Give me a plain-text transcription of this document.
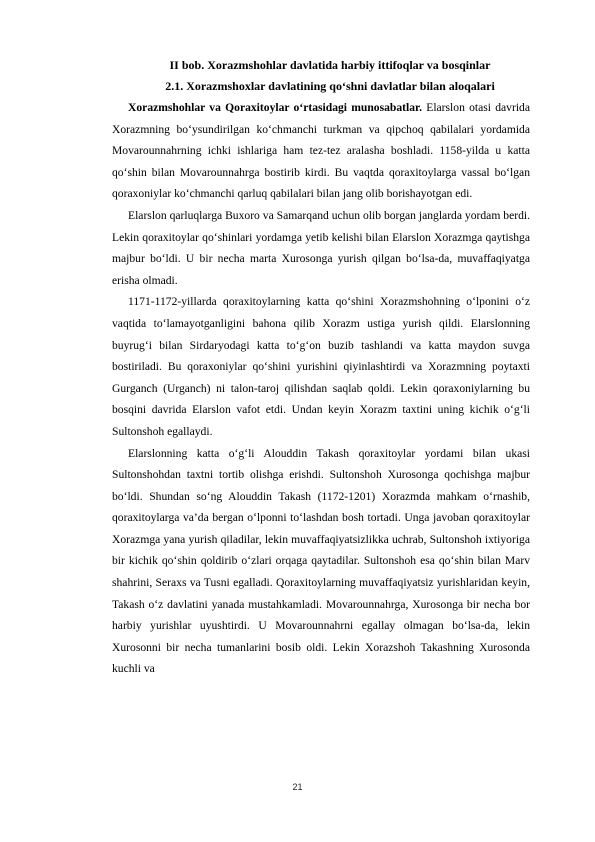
II bob. Xorazmshohlar davlatida harbiy ittifoqlar va bosqinlar
2.1. Xorazmshoxlar davlatining qo‘shni davlatlar bilan aloqalari

Xorazmshohlar va Qoraxitoylar o‘rtasidagi munosabatlar. Elarslon otasi davrida Xorazmning bo‘ysundirilgan ko‘chmanchi turkman va qipchoq qabilalari yordamida Movarounnahrning ichki ishlariga ham tez-tez aralasha boshladi. 1158-yilda u katta qo‘shin bilan Movarounnahrga bostirib kirdi. Bu vaqtda qoraxitoylarga vassal bo‘lgan qoraxoniylar ko‘chmanchi qarluq qabilalari bilan jang olib borishayotgan edi.

Elarslon qarluqlarga Buxoro va Samarqand uchun olib borgan janglarda yordam berdi. Lekin qoraxitoylar qo‘shinlari yordamga yetib kelishi bilan Elarslon Xorazmga qaytishga majbur bo‘ldi. U bir necha marta Xurosonga yurish qilgan bo‘lsa-da, muvaffaqiyatga erisha olmadi.

1171-1172-yillarda qoraxitoylarning katta qo‘shini Xorazmshohning o‘lponini o‘z vaqtida to‘lamayotganligini bahona qilib Xorazm ustiga yurish qildi. Elarslonning buyrug‘i bilan Sirdaryodagi katta to‘g‘on buzib tashlandi va katta maydon suvga bostiriladi. Bu qoraxoniylar qo‘shini yurishini qiyinlashtirdi va Xorazmning poytaxti Gurganch (Urganch) ni talon-taroj qilishdan saqlab qoldi. Lekin qoraxoniylarning bu bosqini davrida Elarslon vafot etdi. Undan keyin Xorazm taxtini uning kichik o‘g‘li Sultonshoh egallaydi.

Elarslonning katta o‘g‘li Alouddin Takash qoraxitoylar yordami bilan ukasi Sultonshohdan taxtni tortib olishga erishdi. Sultonshoh Xurosonga qochishga majbur bo‘ldi. Shundan so‘ng Alouddin Takash (1172-1201) Xorazmda mahkam o‘rnashib, qoraxitoylarga va’da bergan o‘lponni to‘lashdan bosh tortadi. Unga javoban qoraxitoylar Xorazmga yana yurish qiladilar, lekin muvaffaqiyatsizlikka uchrab, Sultonshoh ixtiyoriga bir kichik qo‘shin qoldirib o‘zlari orqaga qaytadilar. Sultonshoh esa qo‘shin bilan Marv shahrini, Seraxs va Tusni egalladi. Qoraxitoylarning muvaffaqiyatsiz yurishlaridan keyin, Takash o‘z davlatini yanada mustahkamladi. Movarounnahrga, Xurosonga bir necha bor harbiy yurishlar uyushtirdi. U Movarounnahrni egallay olmagan bo‘lsa-da, lekin Xurosonni bir necha tumanlarini bosib oldi. Lekin Xorazshoh Takashning Xurosonda kuchli va

21
